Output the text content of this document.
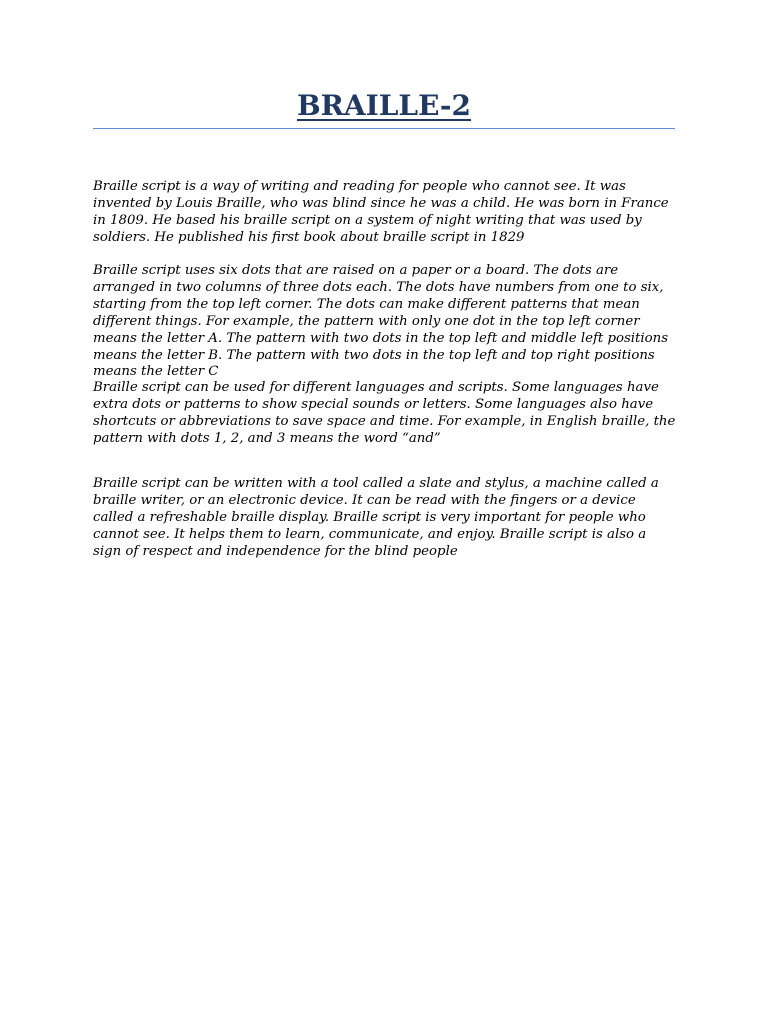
BRAILLE-2

Braille script is a way of writing and reading for people who cannot see. It was invented by Louis Braille, who was blind since he was a child. He was born in France in 1809. He based his braille script on a system of night writing that was used by soldiers. He published his first book about braille script in 1829

Braille script uses six dots that are raised on a paper or a board. The dots are arranged in two columns of three dots each. The dots have numbers from one to six, starting from the top left corner. The dots can make different patterns that mean different things. For example, the pattern with only one dot in the top left corner means the letter A. The pattern with two dots in the top left and middle left positions means the letter B. The pattern with two dots in the top left and top right positions means the letter C

Braille script can be used for different languages and scripts. Some languages have extra dots or patterns to show special sounds or letters. Some languages also have shortcuts or abbreviations to save space and time. For example, in English braille, the pattern with dots 1, 2, and 3 means the word “and”

Braille script can be written with a tool called a slate and stylus, a machine called a braille writer, or an electronic device. It can be read with the fingers or a device called a refreshable braille display. Braille script is very important for people who cannot see. It helps them to learn, communicate, and enjoy. Braille script is also a sign of respect and independence for the blind people
